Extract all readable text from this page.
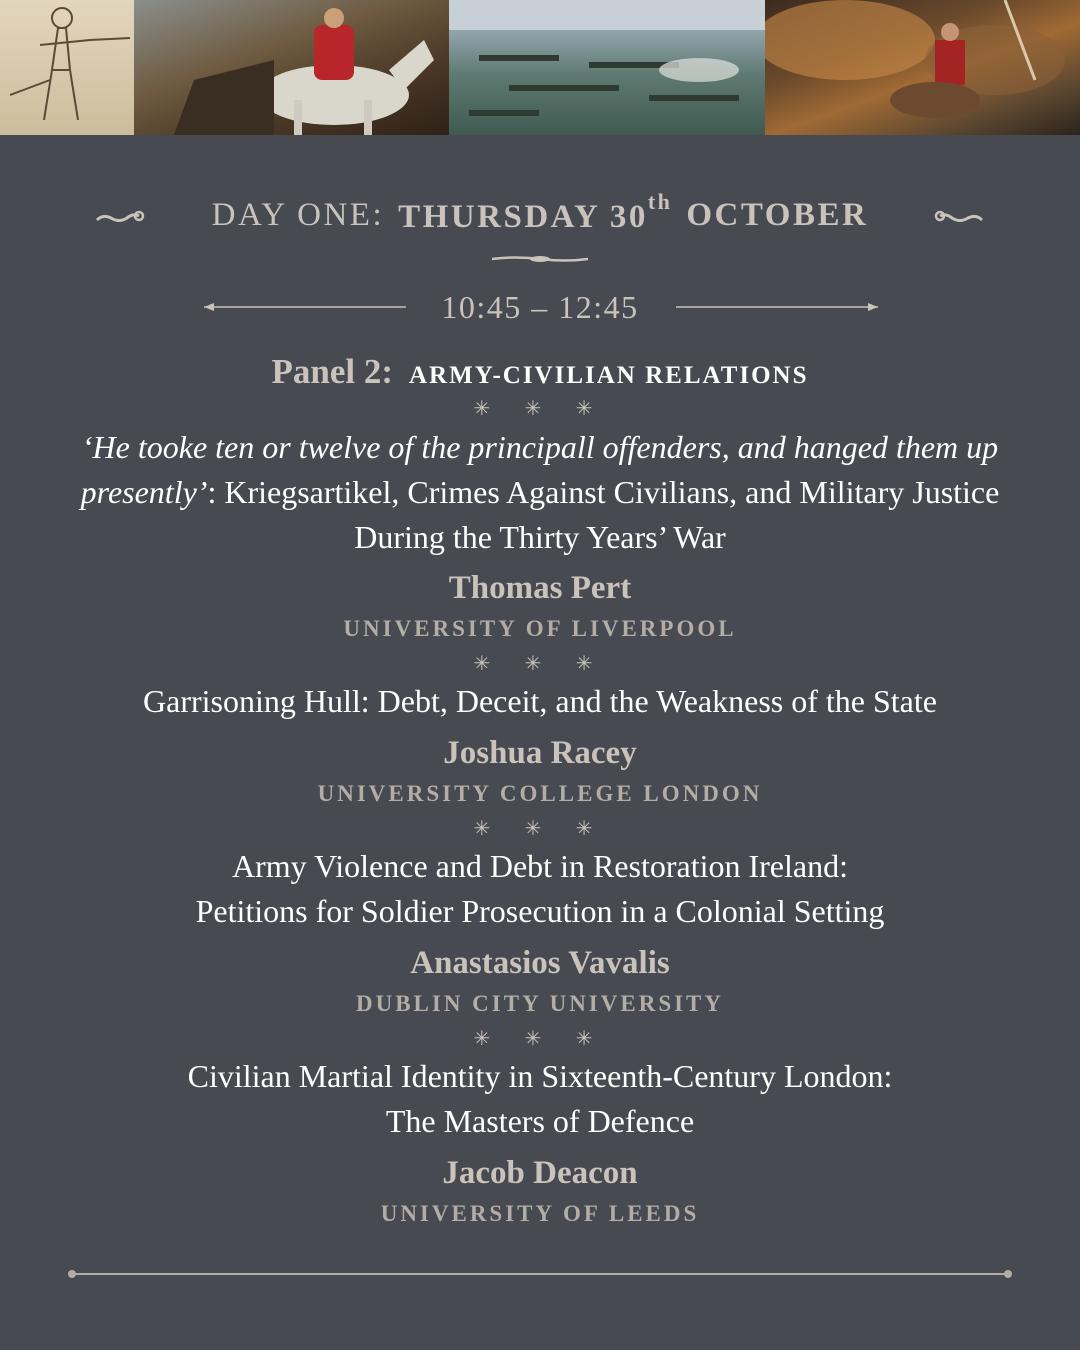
DAY ONE: THURSDAY 30th OCTOBER
10:45 – 12:45
Panel 2: ARMY-CIVILIAN RELATIONS
✳ ✳ ✳
‘He tooke ten or twelve of the principall offenders, and hanged them up presently’: Kriegsartikel, Crimes Against Civilians, and Military Justice During the Thirty Years’ War
Thomas Pert
UNIVERSITY OF LIVERPOOL
✳ ✳ ✳
Garrisoning Hull: Debt, Deceit, and the Weakness of the State
Joshua Racey
UNIVERSITY COLLEGE LONDON
✳ ✳ ✳
Army Violence and Debt in Restoration Ireland:
Petitions for Soldier Prosecution in a Colonial Setting
Anastasios Vavalis
DUBLIN CITY UNIVERSITY
✳ ✳ ✳
Civilian Martial Identity in Sixteenth-Century London:
The Masters of Defence
Jacob Deacon
UNIVERSITY OF LEEDS
